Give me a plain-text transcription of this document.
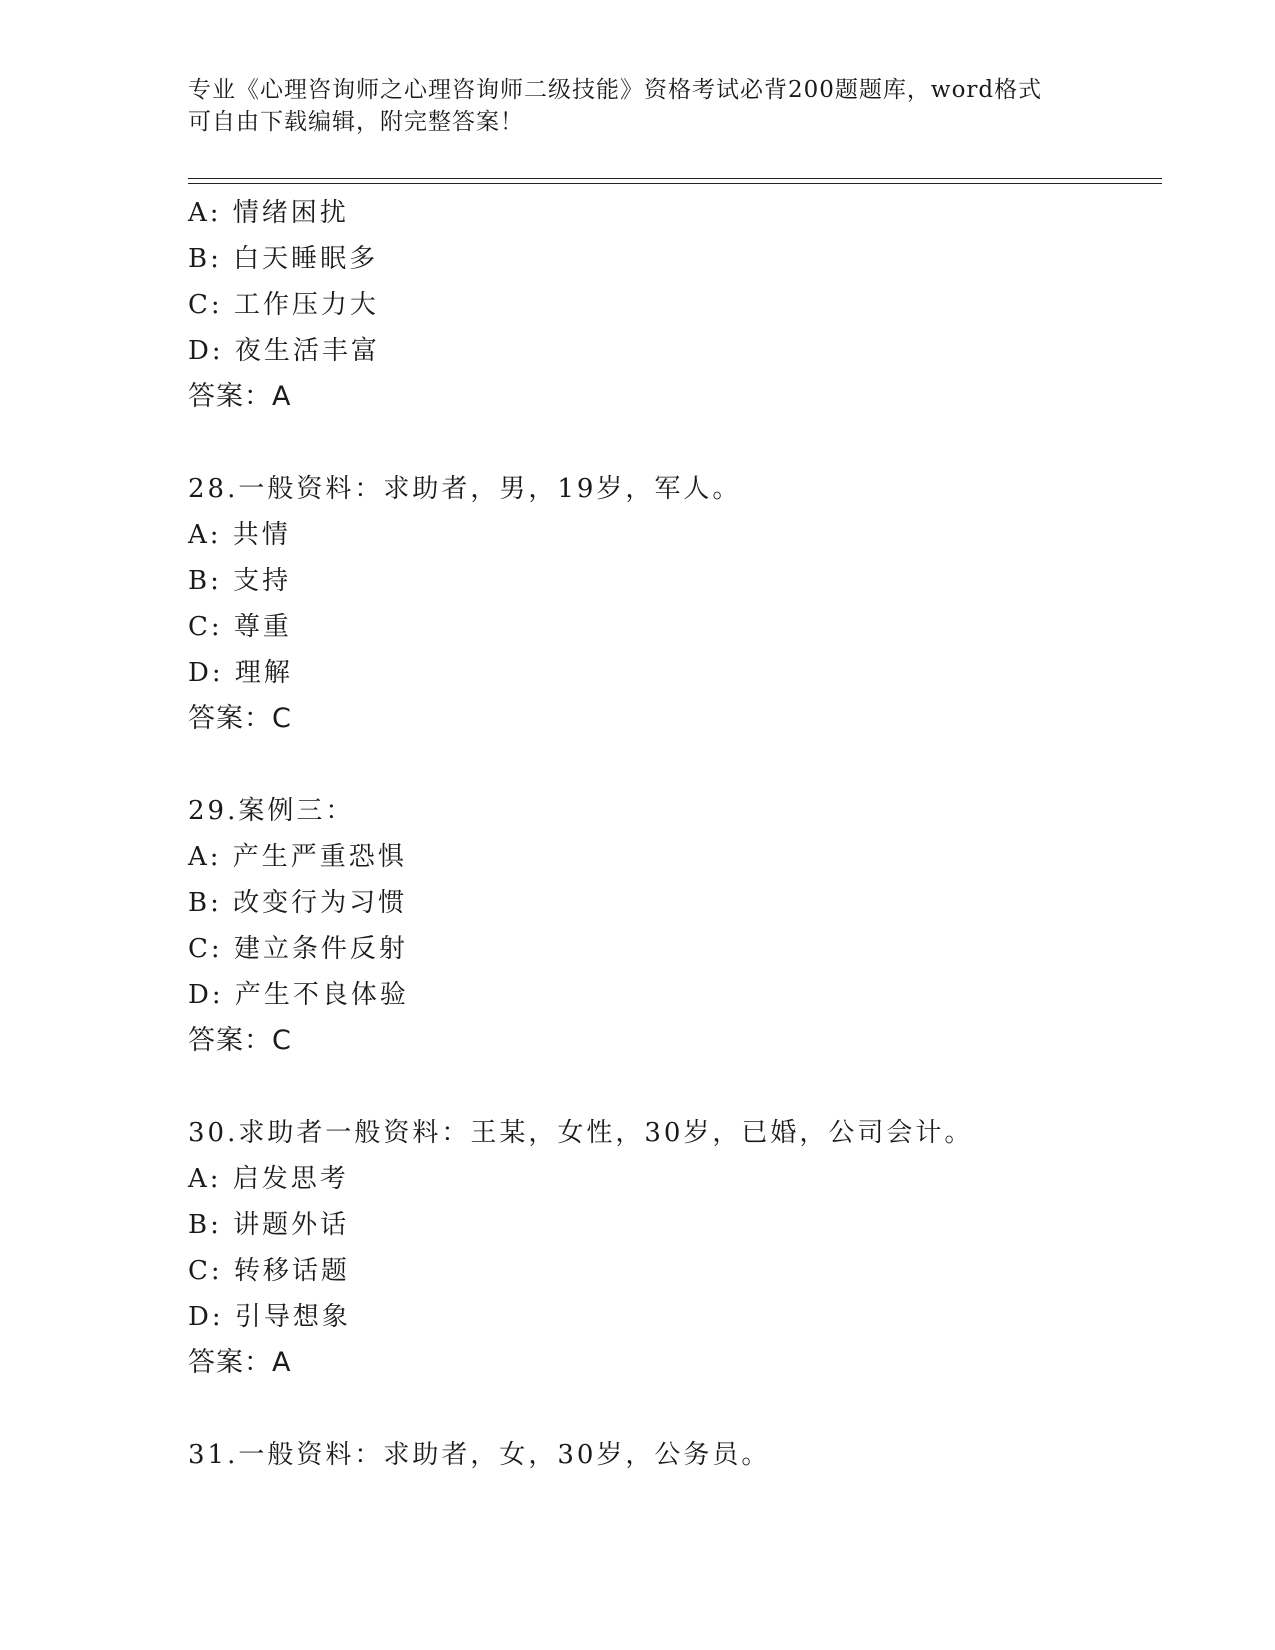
专业《心理咨询师之心理咨询师二级技能》资格考试必背200题题库，word格式
可自由下载编辑，附完整答案！
A: 情绪困扰
B: 白天睡眠多
C: 工作压力大
D: 夜生活丰富
答案：A
28.一般资料：求助者，男，19岁，军人。
A: 共情
B: 支持
C: 尊重
D: 理解
答案：C
29.案例三：
A: 产生严重恐惧
B: 改变行为习惯
C: 建立条件反射
D: 产生不良体验
答案：C
30.求助者一般资料：王某，女性，30岁，已婚，公司会计。
A: 启发思考
B: 讲题外话
C: 转移话题
D: 引导想象
答案：A
31.一般资料：求助者，女，30岁，公务员。
